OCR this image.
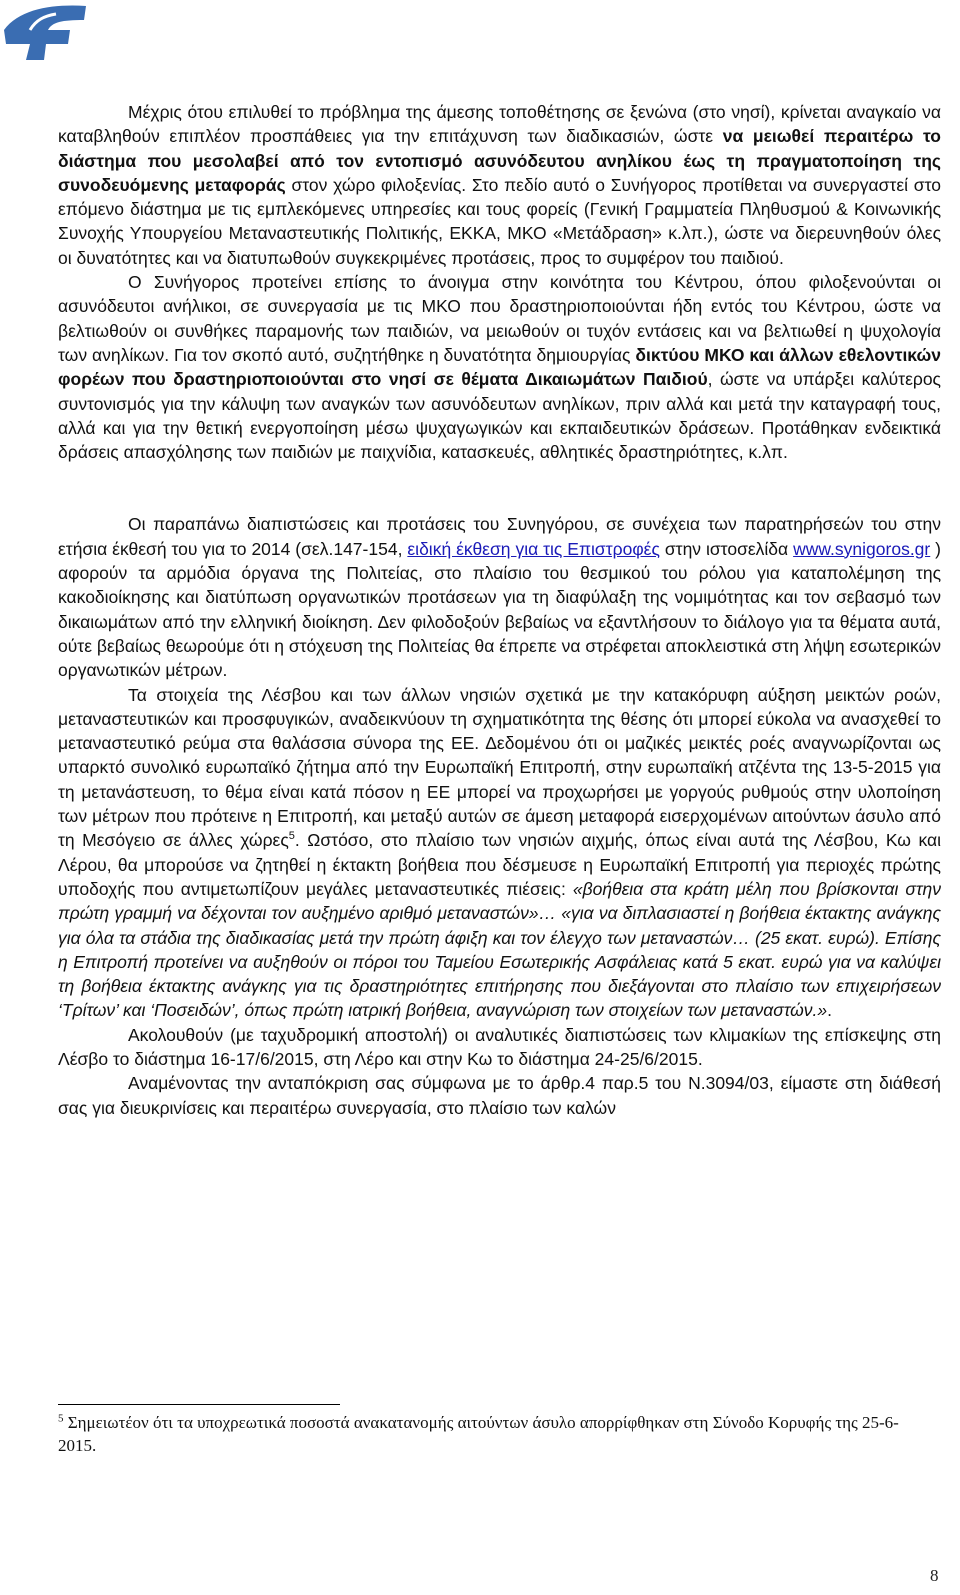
Μέχρις ότου επιλυθεί το πρόβλημα της άμεσης τοποθέτησης σε ξενώνα (στο νησί), κρίνεται αναγκαίο να καταβληθούν επιπλέον προσπάθειες για την επιτάχυνση των διαδικασιών, ώστε να μειωθεί περαιτέρω το διάστημα που μεσολαβεί από τον εντοπισμό ασυνόδευτου ανηλίκου έως τη πραγματοποίηση της συνοδευόμενης μεταφοράς στον χώρο φιλοξενίας. Στο πεδίο αυτό ο Συνήγορος προτίθεται να συνεργαστεί στο επόμενο διάστημα με τις εμπλεκόμενες υπηρεσίες και τους φορείς (Γενική Γραμματεία Πληθυσμού & Κοινωνικής Συνοχής Υπουργείου Μεταναστευτικής Πολιτικής, ΕΚΚΑ, ΜΚΟ «Μετάδραση» κ.λπ.), ώστε να διερευνηθούν όλες οι δυνατότητες και να διατυπωθούν συγκεκριμένες προτάσεις, προς το συμφέρον του παιδιού.

Ο Συνήγορος προτείνει επίσης το άνοιγμα στην κοινότητα του Κέντρου, όπου φιλοξενούνται οι ασυνόδευτοι ανήλικοι, σε συνεργασία με τις ΜΚΟ που δραστηριοποιούνται ήδη εντός του Κέντρου, ώστε να βελτιωθούν οι συνθήκες παραμονής των παιδιών, να μειωθούν οι τυχόν εντάσεις και να βελτιωθεί η ψυχολογία των ανηλίκων. Για τον σκοπό αυτό, συζητήθηκε η δυνατότητα δημιουργίας δικτύου ΜΚΟ και άλλων εθελοντικών φορέων που δραστηριοποιούνται στο νησί σε θέματα Δικαιωμάτων Παιδιού, ώστε να υπάρξει καλύτερος συντονισμός για την κάλυψη των αναγκών των ασυνόδευτων ανηλίκων, πριν αλλά και μετά την καταγραφή τους, αλλά και για την θετική ενεργοποίηση μέσω ψυχαγωγικών και εκπαιδευτικών δράσεων. Προτάθηκαν ενδεικτικά δράσεις απασχόλησης των παιδιών με παιχνίδια, κατασκευές, αθλητικές δραστηριότητες, κ.λπ.

Οι παραπάνω διαπιστώσεις και προτάσεις του Συνηγόρου, σε συνέχεια των παρατηρήσεών του στην ετήσια έκθεσή του για το 2014 (σελ.147-154, ειδική έκθεση για τις Επιστροφές στην ιστοσελίδα www.synigoros.gr ) αφορούν τα αρμόδια όργανα της Πολιτείας, στο πλαίσιο του θεσμικού του ρόλου για καταπολέμηση της κακοδιοίκησης και διατύπωση οργανωτικών προτάσεων για τη διαφύλαξη της νομιμότητας και τον σεβασμό των δικαιωμάτων από την ελληνική διοίκηση. Δεν φιλοδοξούν βεβαίως να εξαντλήσουν το διάλογο για τα θέματα αυτά, ούτε βεβαίως θεωρούμε ότι η στόχευση της Πολιτείας θα έπρεπε να στρέφεται αποκλειστικά στη λήψη εσωτερικών οργανωτικών μέτρων.

Τα στοιχεία της Λέσβου και των άλλων νησιών σχετικά με την κατακόρυφη αύξηση μεικτών ροών, μεταναστευτικών και προσφυγικών, αναδεικνύουν τη σχηματικότητα της θέσης ότι μπορεί εύκολα να ανασχεθεί το μεταναστευτικό ρεύμα στα θαλάσσια σύνορα της ΕΕ. Δεδομένου ότι οι μαζικές μεικτές ροές αναγνωρίζονται ως υπαρκτό συνολικό ευρωπαϊκό ζήτημα από την Ευρωπαϊκή Επιτροπή, στην ευρωπαϊκή ατζέντα της 13-5-2015 για τη μετανάστευση, το θέμα είναι κατά πόσον η ΕΕ μπορεί να προχωρήσει με γοργούς ρυθμούς στην υλοποίηση των μέτρων που πρότεινε η Επιτροπή, και μεταξύ αυτών σε άμεση μεταφορά εισερχομένων αιτούντων άσυλο από τη Μεσόγειο σε άλλες χώρες$^5$. Ωστόσο, στο πλαίσιο των νησιών αιχμής, όπως είναι αυτά της Λέσβου, Κω και Λέρου, θα μπορούσε να ζητηθεί η έκτακτη βοήθεια που δέσμευσε η Ευρωπαϊκή Επιτροπή για περιοχές πρώτης υποδοχής που αντιμετωπίζουν μεγάλες μεταναστευτικές πιέσεις: «βοήθεια στα κράτη μέλη που βρίσκονται στην πρώτη γραμμή να δέχονται τον αυξημένο αριθμό μεταναστών»… «για να διπλασιαστεί η βοήθεια έκτακτης ανάγκης για όλα τα στάδια της διαδικασίας μετά την πρώτη άφιξη και τον έλεγχο των μεταναστών… (25 εκατ. ευρώ). Επίσης η Επιτροπή προτείνει να αυξηθούν οι πόροι του Ταμείου Εσωτερικής Ασφάλειας κατά 5 εκατ. ευρώ για να καλύψει τη βοήθεια έκτακτης ανάγκης για τις δραστηριότητες επιτήρησης που διεξάγονται στο πλαίσιο των επιχειρήσεων ‘Τρίτων’ και ‘Ποσειδών’, όπως πρώτη ιατρική βοήθεια, αναγνώριση των στοιχείων των μεταναστών.».

Ακολουθούν (με ταχυδρομική αποστολή) οι αναλυτικές διαπιστώσεις των κλιμακίων της επίσκεψης στη Λέσβο το διάστημα 16-17/6/2015, στη Λέρο και στην Κω το διάστημα 24-25/6/2015.

Αναμένοντας την ανταπόκριση σας σύμφωνα με το άρθρ.4 παρ.5 του Ν.3094/03, είμαστε στη διάθεσή σας για διευκρινίσεις και περαιτέρω συνεργασία, στο πλαίσιο των καλών

$^5$ Σημειωτέον ότι τα υποχρεωτικά ποσοστά ανακατανομής αιτούντων άσυλο απορρίφθηκαν στη Σύνοδο Κορυφής της 25-6-2015.
8
